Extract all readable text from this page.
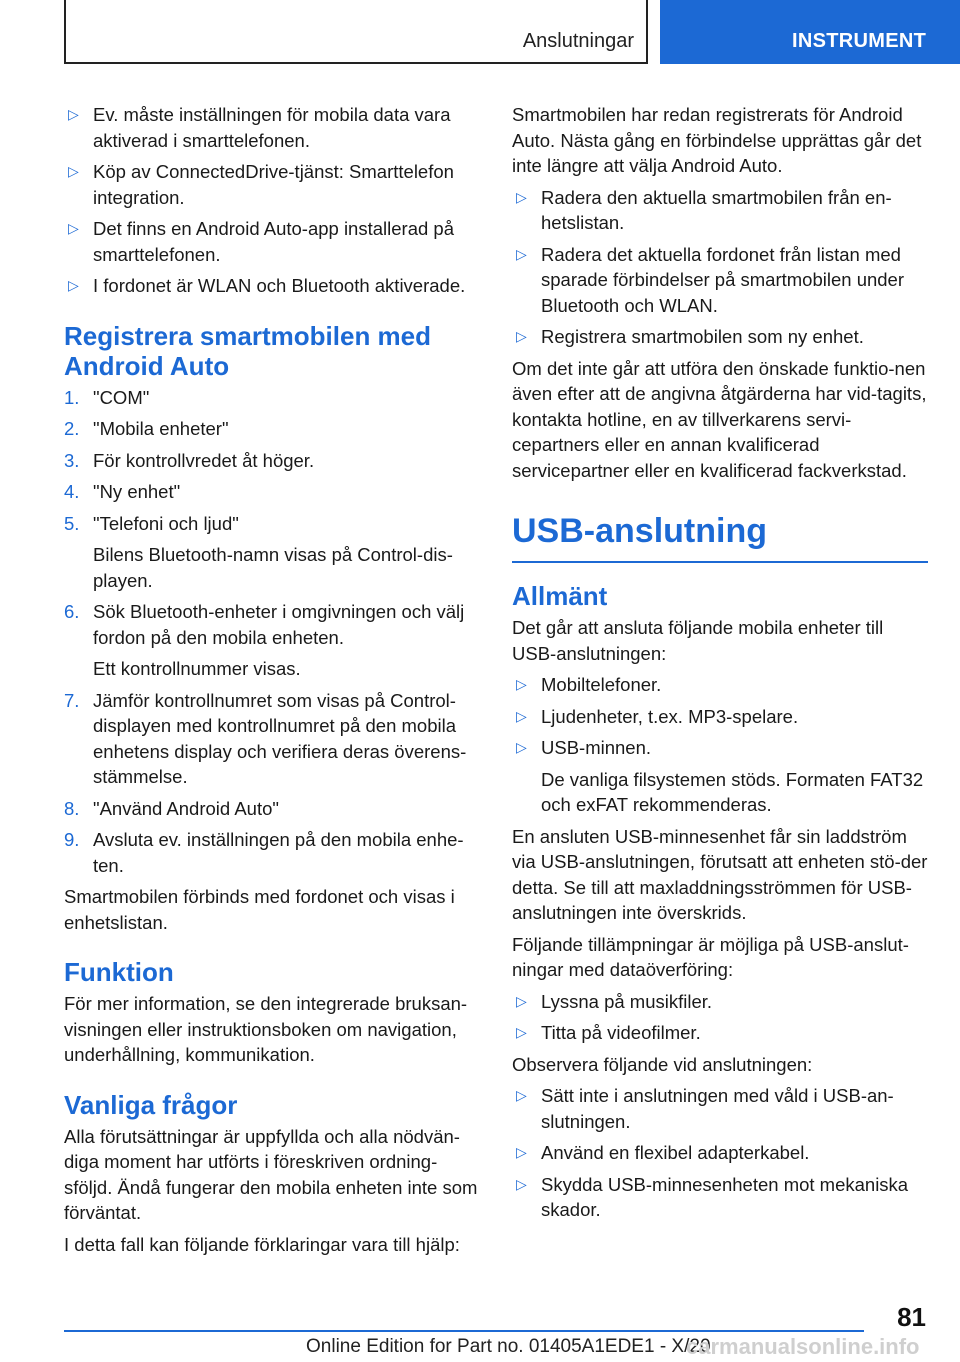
Anslutningar	INSTRUMENT
▷ Ev. måste inställningen för mobila data vara aktiverad i smarttelefonen.
▷ Köp av ConnectedDrive-tjänst: Smarttelefon integration.
▷ Det finns en Android Auto-app installerad på smarttelefonen.
▷ I fordonet är WLAN och Bluetooth aktiverade.
Registrera smartmobilen med Android Auto
1. "COM"
2. "Mobila enheter"
3. För kontrollvredet åt höger.
4. "Ny enhet"
5. "Telefoni och ljud"
Bilens Bluetooth-namn visas på Control-dis-playen.
6. Sök Bluetooth-enheter i omgivningen och välj fordon på den mobila enheten.
Ett kontrollnummer visas.
7. Jämför kontrollnumret som visas på Control-displayen med kontrollnumret på den mobila enhetens display och verifiera deras överens-stämmelse.
8. "Använd Android Auto"
9. Avsluta ev. inställningen på den mobila enhe-ten.
Smartmobilen förbinds med fordonet och visas i enhetslistan.
Funktion
För mer information, se den integrerade bruksan-visningen eller instruktionsboken om navigation, underhållning, kommunikation.
Vanliga frågor
Alla förutsättningar är uppfyllda och alla nödvän-diga moment har utförts i föreskriven ordning-sföljd. Ändå fungerar den mobila enheten inte som förväntat.
I detta fall kan följande förklaringar vara till hjälp:
Smartmobilen har redan registrerats för Android Auto. Nästa gång en förbindelse upprättas går det inte längre att välja Android Auto.
▷ Radera den aktuella smartmobilen från en-hetslistan.
▷ Radera det aktuella fordonet från listan med sparade förbindelser på smartmobilen under Bluetooth och WLAN.
▷ Registrera smartmobilen som ny enhet.
Om det inte går att utföra den önskade funktio-nen även efter att de angivna åtgärderna har vid-tagits, kontakta hotline, en av tillverkarens servi-cepartners eller en annan kvalificerad servicepartner eller en kvalificerad fackverkstad.
USB-anslutning
Allmänt
Det går att ansluta följande mobila enheter till USB-anslutningen:
▷ Mobiltelefoner.
▷ Ljudenheter, t.ex. MP3-spelare.
▷ USB-minnen.
De vanliga filsystemen stöds. Formaten FAT32 och exFAT rekommenderas.
En ansluten USB-minnesenhet får sin laddström via USB-anslutningen, förutsatt att enheten stö-der detta. Se till att maxladdningsströmmen för USB-anslutningen inte överskrids.
Följande tillämpningar är möjliga på USB-anslut-ningar med dataöverföring:
▷ Lyssna på musikfiler.
▷ Titta på videofilmer.
Observera följande vid anslutningen:
▷ Sätt inte i anslutningen med våld i USB-an-slutningen.
▷ Använd en flexibel adapterkabel.
▷ Skydda USB-minnesenheten mot mekaniska skador.
81
Online Edition for Part no. 01405A1EDE1 - X/20
carmanualsonline.info
